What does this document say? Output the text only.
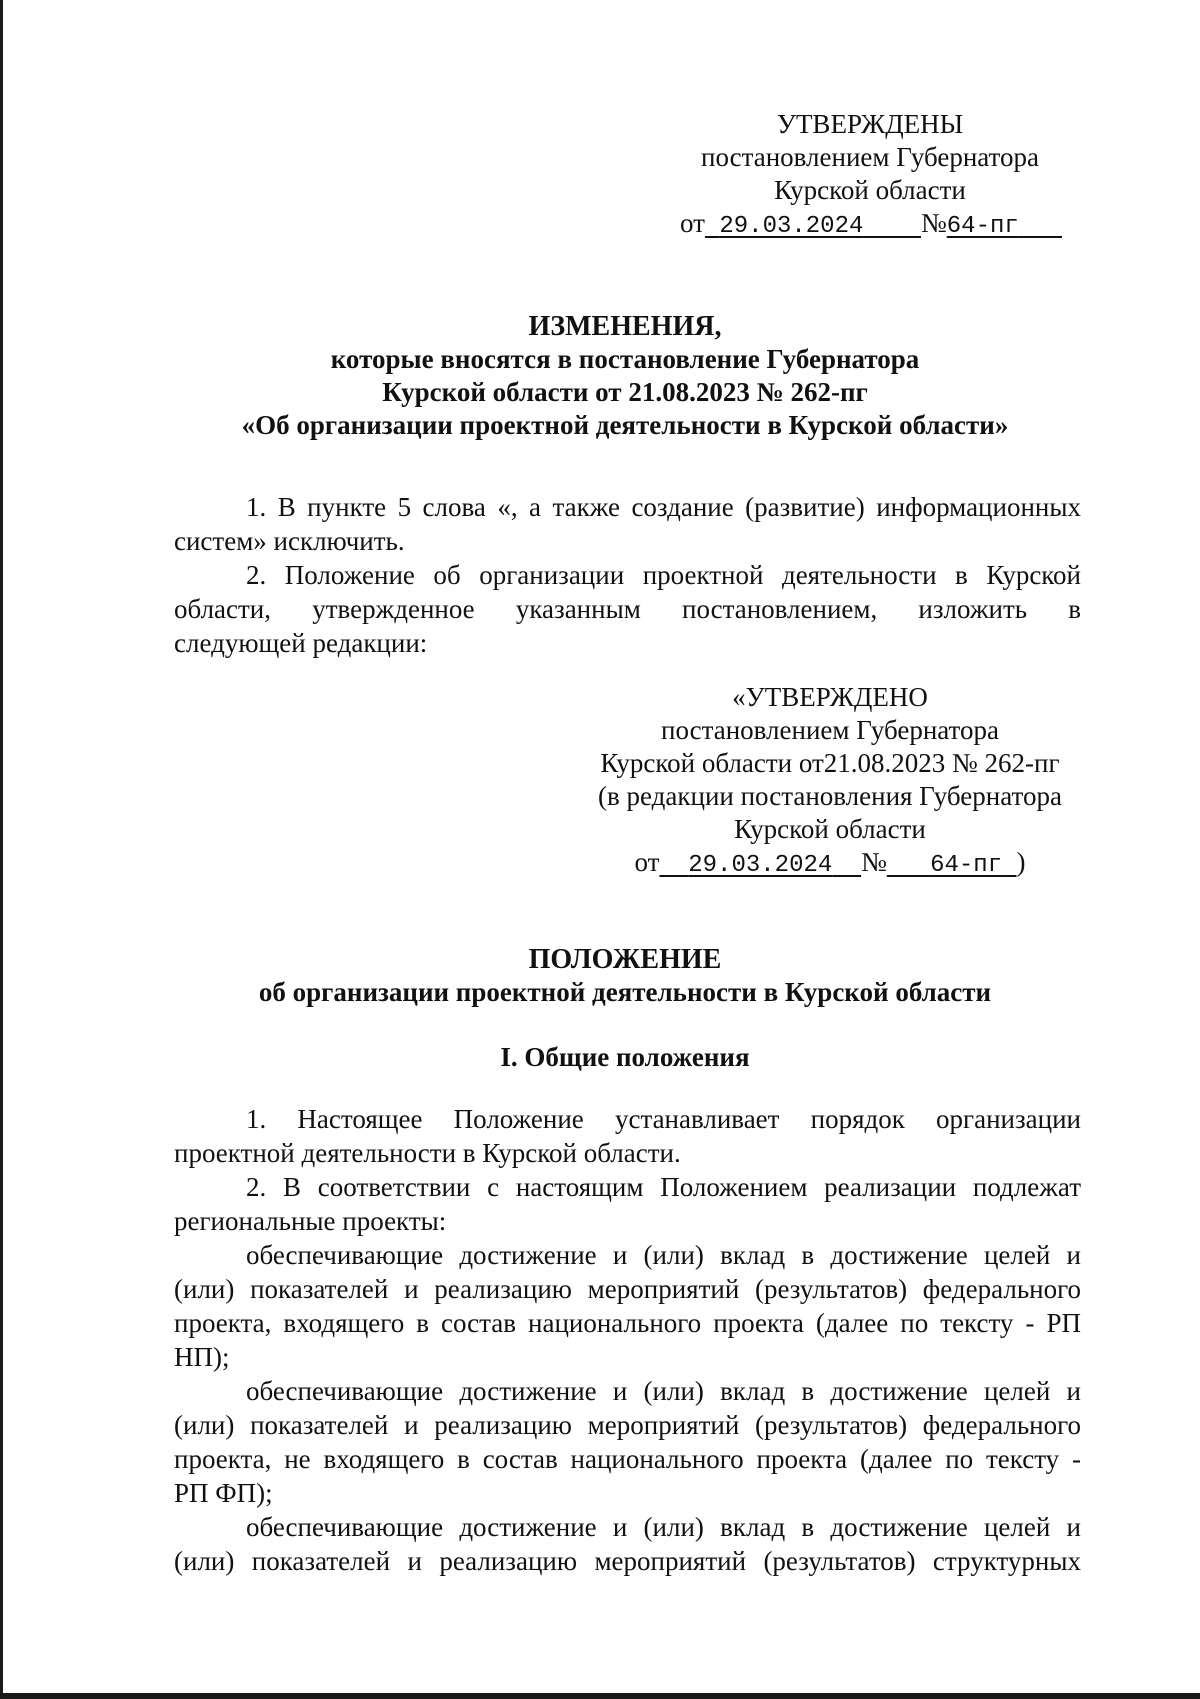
УТВЕРЖДЕНЫ
постановлением Губернатора
Курской области
от 29.03.2024 №64-пг
ИЗМЕНЕНИЯ,
которые вносятся в постановление Губернатора
Курской области от 21.08.2023 № 262-пг
«Об организации проектной деятельности в Курской области»
1. В пункте 5 слова «, а также создание (развитие) информационных
систем» исключить.
2. Положение об организации проектной деятельности в Курской
области, утвержденное указанным постановлением, изложить в
следующей редакции:
«УТВЕРЖДЕНО
постановлением Губернатора
Курской области от21.08.2023 № 262-пг
(в редакции постановления Губернатора
Курской области
от 29.03.2024 № 64-пг )
ПОЛОЖЕНИЕ
об организации проектной деятельности в Курской области
I. Общие положения
1. Настоящее Положение устанавливает порядок организации
проектной деятельности в Курской области.
2. В соответствии с настоящим Положением реализации подлежат
региональные проекты:
обеспечивающие достижение и (или) вклад в достижение целей и
(или) показателей и реализацию мероприятий (результатов) федерального
проекта, входящего в состав национального проекта (далее по тексту - РП
НП);
обеспечивающие достижение и (или) вклад в достижение целей и
(или) показателей и реализацию мероприятий (результатов) федерального
проекта, не входящего в состав национального проекта (далее по тексту -
РП ФП);
обеспечивающие достижение и (или) вклад в достижение целей и
(или) показателей и реализацию мероприятий (результатов) структурных
